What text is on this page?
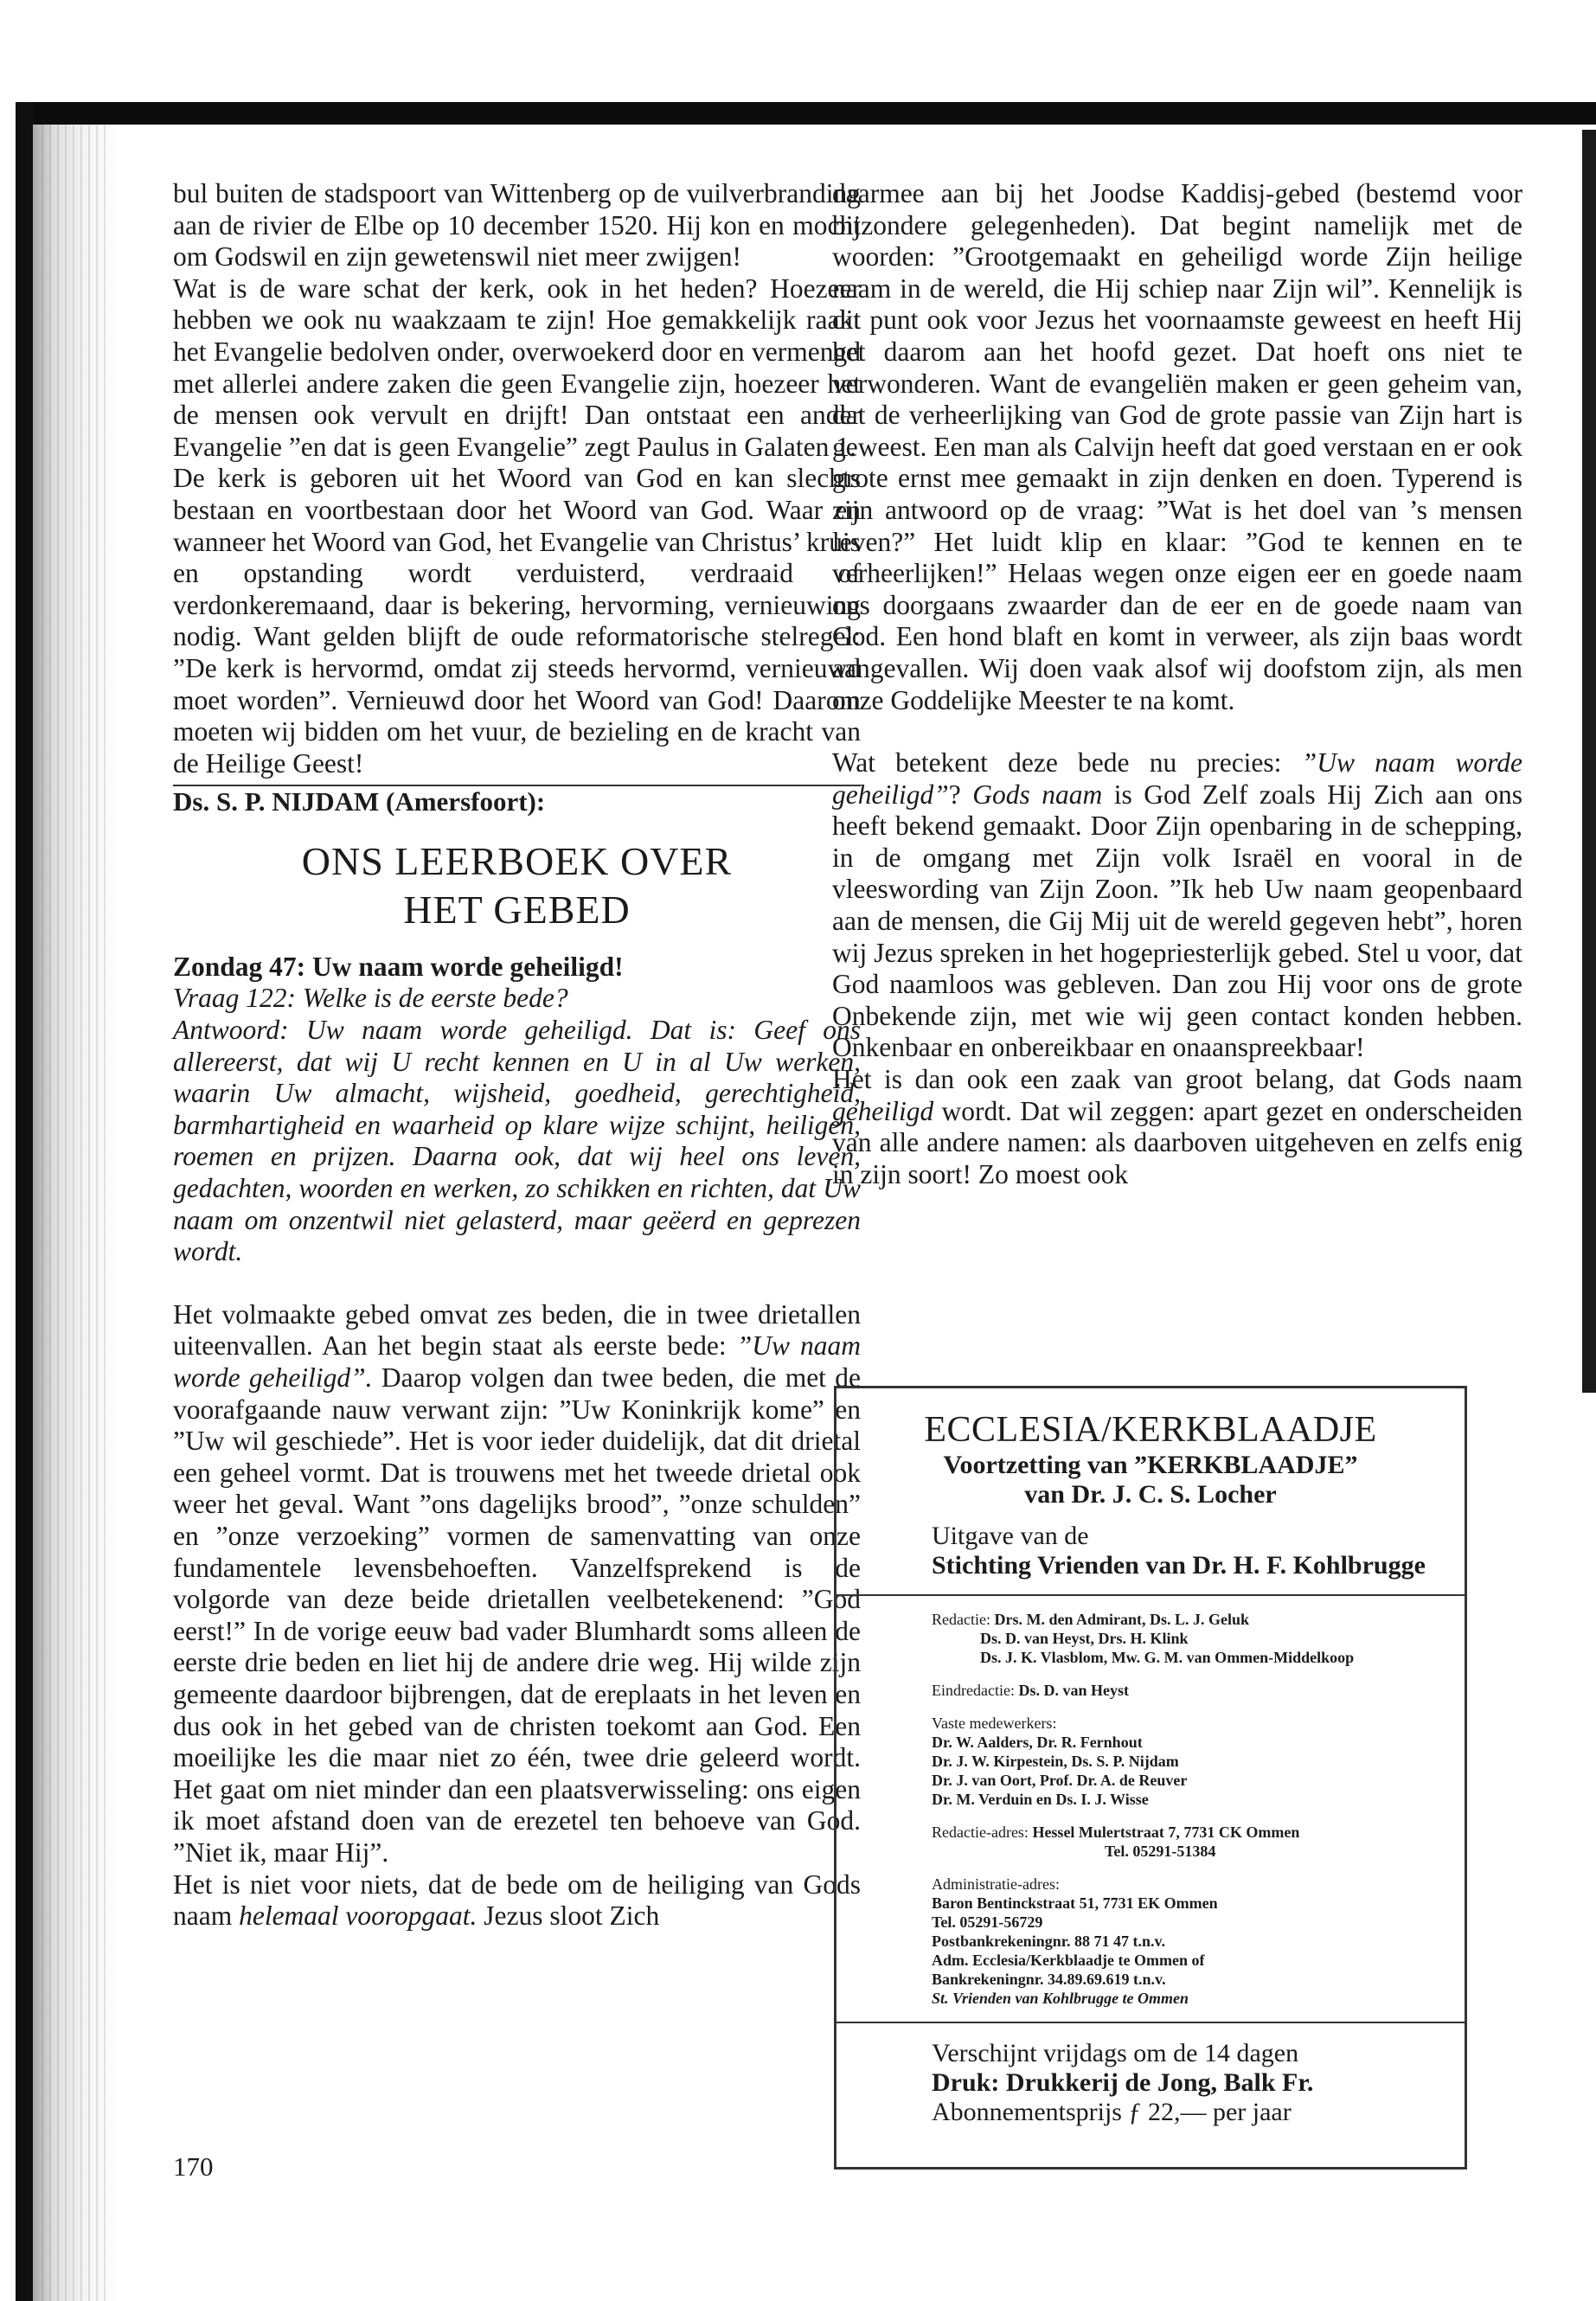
bul buiten de stadspoort van Wittenberg op de vuilverbranding aan de rivier de Elbe op 10 december 1520. Hij kon en mocht om Godswil en zijn gewetenswil niet meer zwijgen!

Wat is de ware schat der kerk, ook in het heden? Hoezeer hebben we ook nu waakzaam te zijn! Hoe gemakkelijk raakt het Evangelie bedolven onder, overwoekerd door en vermengd met allerlei andere zaken die geen Evangelie zijn, hoezeer het de mensen ook vervult en drijft! Dan ontstaat een ander Evangelie ”en dat is geen Evangelie” zegt Paulus in Galaten 1.

De kerk is geboren uit het Woord van God en kan slechts bestaan en voortbestaan door het Woord van God. Waar en wanneer het Woord van God, het Evangelie van Christus’ kruis en opstanding wordt verduisterd, verdraaid of verdonkeremaand, daar is bekering, hervorming, vernieuwing nodig. Want gelden blijft de oude reformatorische stelregel: ”De kerk is hervormd, omdat zij steeds hervormd, vernieuwd moet worden”. Vernieuwd door het Woord van God! Daarom moeten wij bidden om het vuur, de bezieling en de kracht van de Heilige Geest!

Ds. S. P. NIJDAM (Amersfoort):

ONS LEERBOEK OVER
HET GEBED

Zondag 47: Uw naam worde geheiligd!

Vraag 122: Welke is de eerste bede?

Antwoord: Uw naam worde geheiligd. Dat is: Geef ons allereerst, dat wij U recht kennen en U in al Uw werken, waarin Uw almacht, wijsheid, goedheid, gerechtigheid, barmhartigheid en waarheid op klare wijze schijnt, heiligen, roemen en prijzen. Daarna ook, dat wij heel ons leven, gedachten, woorden en werken, zo schikken en richten, dat Uw naam om onzentwil niet gelasterd, maar geëerd en geprezen wordt.

Het volmaakte gebed omvat zes beden, die in twee drietallen uiteenvallen. Aan het begin staat als eerste bede: ”Uw naam worde geheiligd”. Daarop volgen dan twee beden, die met de voorafgaande nauw verwant zijn: ”Uw Koninkrijk kome” en ”Uw wil geschiede”. Het is voor ieder duidelijk, dat dit drietal een geheel vormt. Dat is trouwens met het tweede drietal ook weer het geval. Want ”ons dagelijks brood”, ”onze schulden” en ”onze verzoeking” vormen de samenvatting van onze fundamentele levensbehoeften. Vanzelfsprekend is de volgorde van deze beide drietallen veelbetekenend: ”God eerst!” In de vorige eeuw bad vader Blumhardt soms alleen de eerste drie beden en liet hij de andere drie weg. Hij wilde zijn gemeente daardoor bijbrengen, dat de ereplaats in het leven en dus ook in het gebed van de christen toekomt aan God. Een moeilijke les die maar niet zo één, twee drie geleerd wordt. Het gaat om niet minder dan een plaatsverwisseling: ons eigen ik moet afstand doen van de erezetel ten behoeve van God. ”Niet ik, maar Hij”.

Het is niet voor niets, dat de bede om de heiliging van Gods naam helemaal vooropgaat. Jezus sloot Zich

170

daarmee aan bij het Joodse Kaddisj-gebed (bestemd voor bijzondere gelegenheden). Dat begint namelijk met de woorden: ”Grootgemaakt en geheiligd worde Zijn heilige naam in de wereld, die Hij schiep naar Zijn wil”. Kennelijk is dit punt ook voor Jezus het voornaamste geweest en heeft Hij het daarom aan het hoofd gezet. Dat hoeft ons niet te verwonderen. Want de evangeliën maken er geen geheim van, dat de verheerlijking van God de grote passie van Zijn hart is geweest. Een man als Calvijn heeft dat goed verstaan en er ook grote ernst mee gemaakt in zijn denken en doen. Typerend is zijn antwoord op de vraag: ”Wat is het doel van ’s mensen leven?” Het luidt klip en klaar: ”God te kennen en te verheerlijken!” Helaas wegen onze eigen eer en goede naam ons doorgaans zwaarder dan de eer en de goede naam van God. Een hond blaft en komt in verweer, als zijn baas wordt aangevallen. Wij doen vaak alsof wij doofstom zijn, als men onze Goddelijke Meester te na komt.

Wat betekent deze bede nu precies: ”Uw naam worde geheiligd”? Gods naam is God Zelf zoals Hij Zich aan ons heeft bekend gemaakt. Door Zijn openbaring in de schepping, in de omgang met Zijn volk Israël en vooral in de vleeswording van Zijn Zoon. ”Ik heb Uw naam geopenbaard aan de mensen, die Gij Mij uit de wereld gegeven hebt”, horen wij Jezus spreken in het hogepriesterlijk gebed. Stel u voor, dat God naamloos was gebleven. Dan zou Hij voor ons de grote Onbekende zijn, met wie wij geen contact konden hebben. Onkenbaar en onbereikbaar en onaanspreekbaar!

Het is dan ook een zaak van groot belang, dat Gods naam geheiligd wordt. Dat wil zeggen: apart gezet en onderscheiden van alle andere namen: als daarboven uitgeheven en zelfs enig in zijn soort! Zo moest ook

ECCLESIA/KERKBLAADJE
Voortzetting van ”KERKBLAADJE”
van Dr. J. C. S. Locher
Uitgave van de
Stichting Vrienden van Dr. H. F. Kohlbrugge
Redactie: Drs. M. den Admirant, Ds. L. J. Geluk
Ds. D. van Heyst, Drs. H. Klink
Ds. J. K. Vlasblom, Mw. G. M. van Ommen-Middelkoop
Eindredactie: Ds. D. van Heyst
Vaste medewerkers:
Dr. W. Aalders, Dr. R. Fernhout
Dr. J. W. Kirpestein, Ds. S. P. Nijdam
Dr. J. van Oort, Prof. Dr. A. de Reuver
Dr. M. Verduin en Ds. I. J. Wisse
Redactie-adres: Hessel Mulertstraat 7, 7731 CK Ommen
Tel. 05291-51384
Administratie-adres:
Baron Bentinckstraat 51, 7731 EK Ommen
Tel. 05291-56729
Postbankrekeningnr. 88 71 47 t.n.v.
Adm. Ecclesia/Kerkblaadje te Ommen of
Bankrekeningnr. 34.89.69.619 t.n.v.
St. Vrienden van Kohlbrugge te Ommen
Verschijnt vrijdags om de 14 dagen
Druk: Drukkerij de Jong, Balk Fr.
Abonnementsprijs ƒ 22,— per jaar
